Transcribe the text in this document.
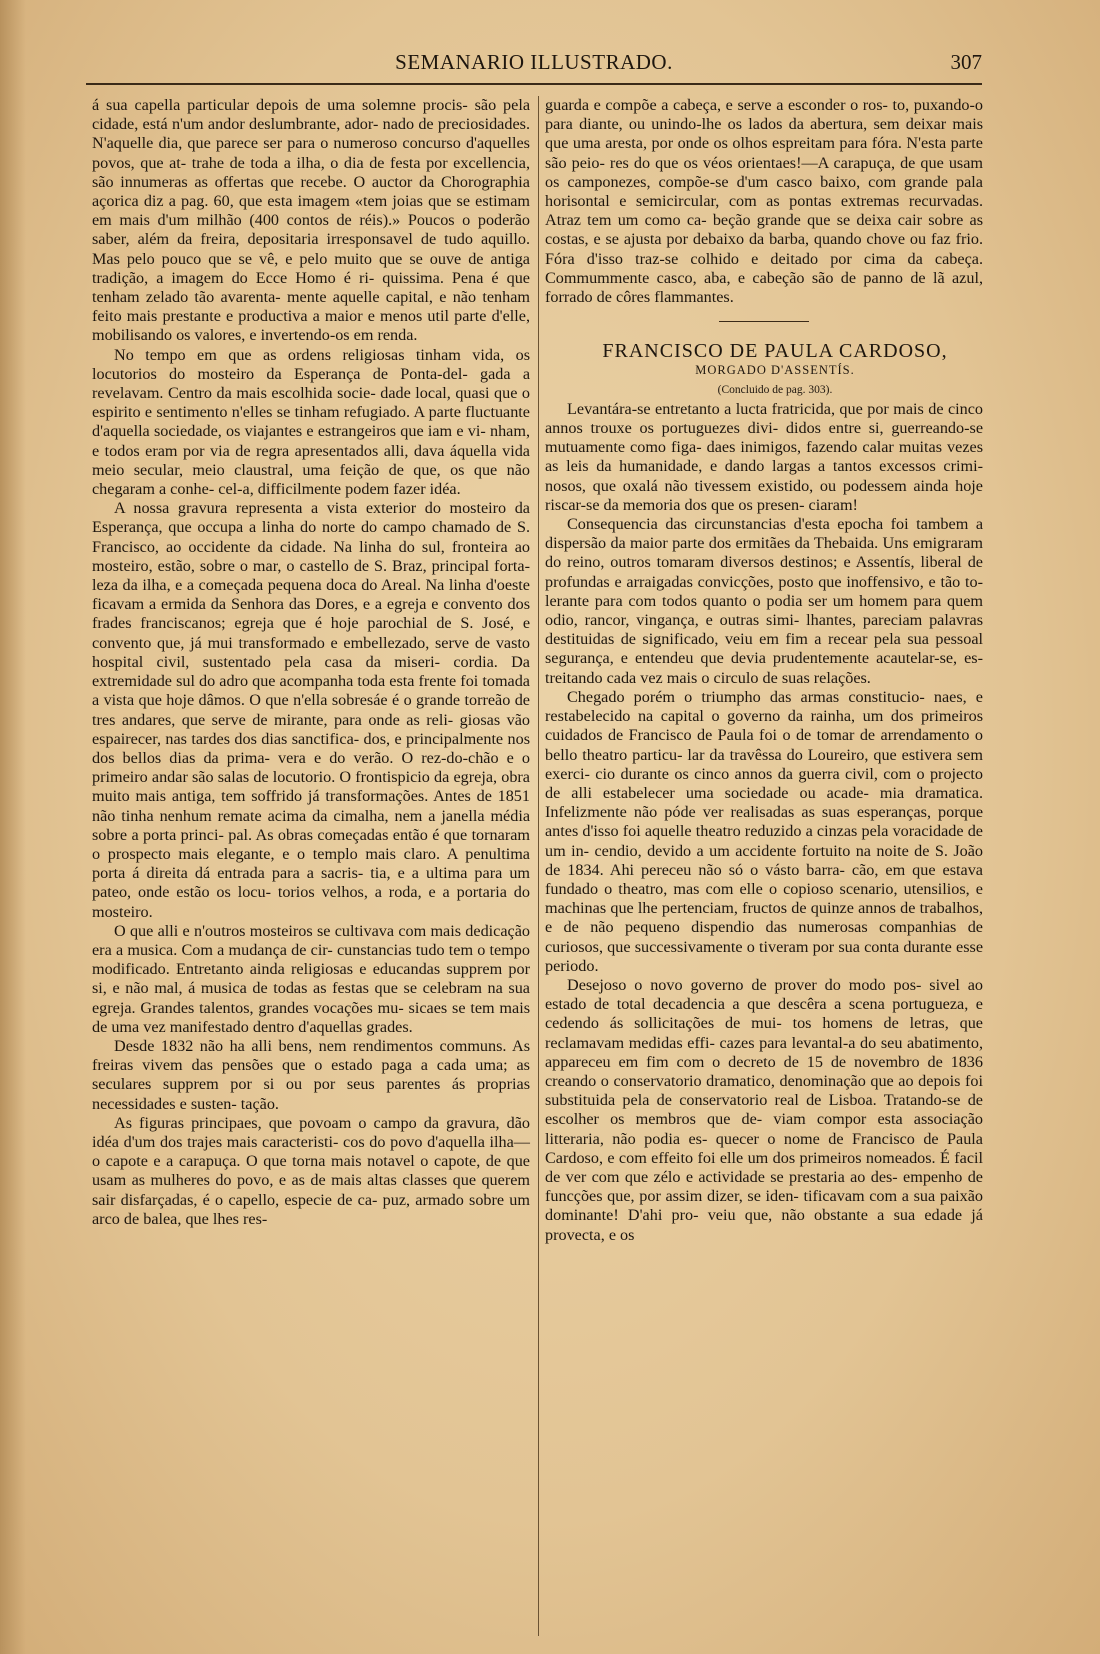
SEMANARIO ILLUSTRADO.	307

á sua capella particular depois de uma solemne procis- são pela cidade, está n'um andor deslumbrante, ador- nado de preciosidades. N'aquelle dia, que parece ser para o numeroso concurso d'aquelles povos, que at- trahe de toda a ilha, o dia de festa por excellencia, são innumeras as offertas que recebe. O auctor da Chorographia açorica diz a pag. 60, que esta imagem «tem joias que se estimam em mais d'um milhão (400 contos de réis).» Poucos o poderão saber, além da freira, depositaria irresponsavel de tudo aquillo. Mas pelo pouco que se vê, e pelo muito que se ouve de antiga tradição, a imagem do Ecce Homo é ri- quissima. Pena é que tenham zelado tão avarenta- mente aquelle capital, e não tenham feito mais prestante e productiva a maior e menos util parte d'elle, mobilisando os valores, e invertendo-os em renda.

No tempo em que as ordens religiosas tinham vida, os locutorios do mosteiro da Esperança de Ponta-del- gada a revelavam. Centro da mais escolhida socie- dade local, quasi que o espirito e sentimento n'elles se tinham refugiado. A parte fluctuante d'aquella sociedade, os viajantes e estrangeiros que iam e vi- nham, e todos eram por via de regra apresentados alli, dava áquella vida meio secular, meio claustral, uma feição de que, os que não chegaram a conhe- cel-a, difficilmente podem fazer idéa.

A nossa gravura representa a vista exterior do mosteiro da Esperança, que occupa a linha do norte do campo chamado de S. Francisco, ao occidente da cidade. Na linha do sul, fronteira ao mosteiro, estão, sobre o mar, o castello de S. Braz, principal forta- leza da ilha, e a começada pequena doca do Areal. Na linha d'oeste ficavam a ermida da Senhora das Dores, e a egreja e convento dos frades franciscanos; egreja que é hoje parochial de S. José, e convento que, já mui transformado e embellezado, serve de vasto hospital civil, sustentado pela casa da miseri- cordia. Da extremidade sul do adro que acompanha toda esta frente foi tomada a vista que hoje dâmos. O que n'ella sobresáe é o grande torreão de tres andares, que serve de mirante, para onde as reli- giosas vão espairecer, nas tardes dos dias sanctifica- dos, e principalmente nos dos bellos dias da prima- vera e do verão. O rez-do-chão e o primeiro andar são salas de locutorio. O frontispicio da egreja, obra muito mais antiga, tem soffrido já transformações. Antes de 1851 não tinha nenhum remate acima da cimalha, nem a janella média sobre a porta princi- pal. As obras começadas então é que tornaram o prospecto mais elegante, e o templo mais claro. A penultima porta á direita dá entrada para a sacris- tia, e a ultima para um pateo, onde estão os locu- torios velhos, a roda, e a portaria do mosteiro.

O que alli e n'outros mosteiros se cultivava com mais dedicação era a musica. Com a mudança de cir- cunstancias tudo tem o tempo modificado. Entretanto ainda religiosas e educandas supprem por si, e não mal, á musica de todas as festas que se celebram na sua egreja. Grandes talentos, grandes vocações mu- sicaes se tem mais de uma vez manifestado dentro d'aquellas grades.

Desde 1832 não ha alli bens, nem rendimentos communs. As freiras vivem das pensões que o estado paga a cada uma; as seculares supprem por si ou por seus parentes ás proprias necessidades e susten- tação.

As figuras principaes, que povoam o campo da gravura, dão idéa d'um dos trajes mais caracteristi- cos do povo d'aquella ilha—o capote e a carapuça. O que torna mais notavel o capote, de que usam as mulheres do povo, e as de mais altas classes que querem sair disfarçadas, é o capello, especie de ca- puz, armado sobre um arco de balea, que lhes res-

guarda e compõe a cabeça, e serve a esconder o ros- to, puxando-o para diante, ou unindo-lhe os lados da abertura, sem deixar mais que uma aresta, por onde os olhos espreitam para fóra. N'esta parte são peio- res do que os véos orientaes!—A carapuça, de que usam os camponezes, compõe-se d'um casco baixo, com grande pala horisontal e semicircular, com as pontas extremas recurvadas. Atraz tem um como ca- beção grande que se deixa cair sobre as costas, e se ajusta por debaixo da barba, quando chove ou faz frio. Fóra d'isso traz-se colhido e deitado por cima da cabeça. Commummente casco, aba, e cabeção são de panno de lã azul, forrado de côres flammantes.

FRANCISCO DE PAULA CARDOSO,

MORGADO D'ASSENTÍS.

(Concluido de pag. 303).

Levantára-se entretanto a lucta fratricida, que por mais de cinco annos trouxe os portuguezes divi- didos entre si, guerreando-se mutuamente como figa- daes inimigos, fazendo calar muitas vezes as leis da humanidade, e dando largas a tantos excessos crimi- nosos, que oxalá não tivessem existido, ou podessem ainda hoje riscar-se da memoria dos que os presen- ciaram!

Consequencia das circunstancias d'esta epocha foi tambem a dispersão da maior parte dos ermitães da Thebaida. Uns emigraram do reino, outros tomaram diversos destinos; e Assentís, liberal de profundas e arraigadas convicções, posto que inoffensivo, e tão to- lerante para com todos quanto o podia ser um homem para quem odio, rancor, vingança, e outras simi- lhantes, pareciam palavras destituidas de significado, veiu em fim a recear pela sua pessoal segurança, e entendeu que devia prudentemente acautelar-se, es- treitando cada vez mais o circulo de suas relações.

Chegado porém o triumpho das armas constitucio- naes, e restabelecido na capital o governo da rainha, um dos primeiros cuidados de Francisco de Paula foi o de tomar de arrendamento o bello theatro particu- lar da travêssa do Loureiro, que estivera sem exerci- cio durante os cinco annos da guerra civil, com o projecto de alli estabelecer uma sociedade ou acade- mia dramatica. Infelizmente não póde ver realisadas as suas esperanças, porque antes d'isso foi aquelle theatro reduzido a cinzas pela voracidade de um in- cendio, devido a um accidente fortuito na noite de S. João de 1834. Ahi pereceu não só o vásto barra- cão, em que estava fundado o theatro, mas com elle o copioso scenario, utensilios, e machinas que lhe pertenciam, fructos de quinze annos de trabalhos, e de não pequeno dispendio das numerosas companhias de curiosos, que successivamente o tiveram por sua conta durante esse periodo.

Desejoso o novo governo de prover do modo pos- sivel ao estado de total decadencia a que descêra a scena portugueza, e cedendo ás sollicitações de mui- tos homens de letras, que reclamavam medidas effi- cazes para levantal-a do seu abatimento, appareceu em fim com o decreto de 15 de novembro de 1836 creando o conservatorio dramatico, denominação que ao depois foi substituida pela de conservatorio real de Lisboa. Tratando-se de escolher os membros que de- viam compor esta associação litteraria, não podia es- quecer o nome de Francisco de Paula Cardoso, e com effeito foi elle um dos primeiros nomeados. É facil de ver com que zélo e actividade se prestaria ao des- empenho de funcções que, por assim dizer, se iden- tificavam com a sua paixão dominante! D'ahi pro- veiu que, não obstante a sua edade já provecta, e os
